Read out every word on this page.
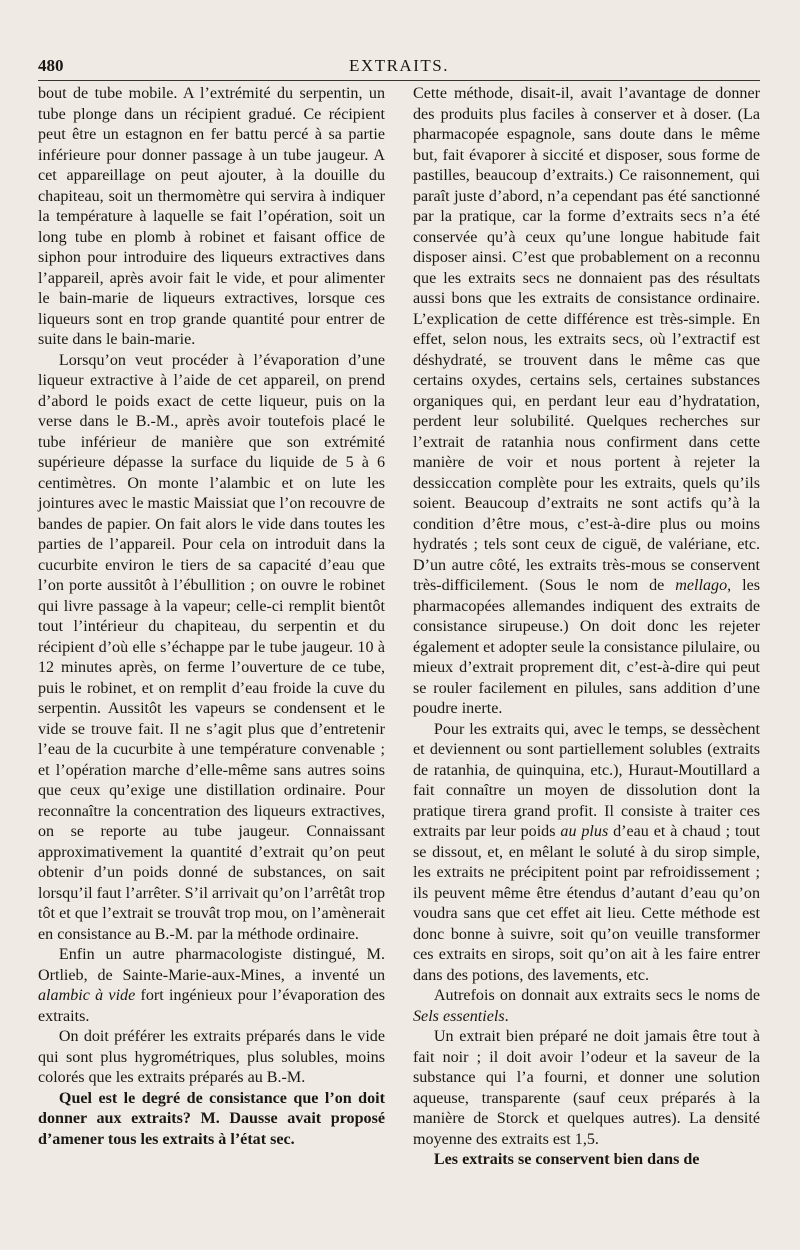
480	EXTRAITS.

bout de tube mobile. A l’extrémité du serpentin, un tube plonge dans un récipient gradué. Ce récipient peut être un estagnon en fer battu percé à sa partie inférieure pour donner passage à un tube jaugeur. A cet appareillage on peut ajouter, à la douille du chapiteau, soit un thermomètre qui servira à indiquer la température à laquelle se fait l’opération, soit un long tube en plomb à robinet et faisant office de siphon pour introduire des liqueurs extractives dans l’appareil, après avoir fait le vide, et pour alimenter le bain-marie de liqueurs extractives, lorsque ces liqueurs sont en trop grande quantité pour entrer de suite dans le bain-marie.

Lorsqu’on veut procéder à l’évaporation d’une liqueur extractive à l’aide de cet appareil, on prend d’abord le poids exact de cette liqueur, puis on la verse dans le B.-M., après avoir toutefois placé le tube inférieur de manière que son extrémité supérieure dépasse la surface du liquide de 5 à 6 centimètres. On monte l’alambic et on lute les jointures avec le mastic Maissiat que l’on recouvre de bandes de papier. On fait alors le vide dans toutes les parties de l’appareil. Pour cela on introduit dans la cucurbite environ le tiers de sa capacité d’eau que l’on porte aussitôt à l’ébullition ; on ouvre le robinet qui livre passage à la vapeur; celle-ci remplit bientôt tout l’intérieur du chapiteau, du serpentin et du récipient d’où elle s’échappe par le tube jaugeur. 10 à 12 minutes après, on ferme l’ouverture de ce tube, puis le robinet, et on remplit d’eau froide la cuve du serpentin. Aussitôt les vapeurs se condensent et le vide se trouve fait. Il ne s’agit plus que d’entretenir l’eau de la cucurbite à une température convenable ; et l’opération marche d’elle-même sans autres soins que ceux qu’exige une distillation ordinaire. Pour reconnaître la concentration des liqueurs extractives, on se reporte au tube jaugeur. Connaissant approximativement la quantité d’extrait qu’on peut obtenir d’un poids donné de substances, on sait lorsqu’il faut l’arrêter. S’il arrivait qu’on l’arrêtât trop tôt et que l’extrait se trouvât trop mou, on l’amènerait en consistance au B.-M. par la méthode ordinaire.

Enfin un autre pharmacologiste distingué, M. Ortlieb, de Sainte-Marie-aux-Mines, a inventé un alambic à vide fort ingénieux pour l’évaporation des extraits.

On doit préférer les extraits préparés dans le vide qui sont plus hygrométriques, plus solubles, moins colorés que les extraits préparés au B.-M.

Quel est le degré de consistance que l’on doit donner aux extraits? M. Dausse avait proposé d’amener tous les extraits à l’état sec.

Cette méthode, disait-il, avait l’avantage de donner des produits plus faciles à conserver et à doser. (La pharmacopée espagnole, sans doute dans le même but, fait évaporer à siccité et disposer, sous forme de pastilles, beaucoup d’extraits.) Ce raisonnement, qui paraît juste d’abord, n’a cependant pas été sanctionné par la pratique, car la forme d’extraits secs n’a été conservée qu’à ceux qu’une longue habitude fait disposer ainsi. C’est que probablement on a reconnu que les extraits secs ne donnaient pas des résultats aussi bons que les extraits de consistance ordinaire. L’explication de cette différence est très-simple. En effet, selon nous, les extraits secs, où l’extractif est déshydraté, se trouvent dans le même cas que certains oxydes, certains sels, certaines substances organiques qui, en perdant leur eau d’hydratation, perdent leur solubilité. Quelques recherches sur l’extrait de ratanhia nous confirment dans cette manière de voir et nous portent à rejeter la dessiccation complète pour les extraits, quels qu’ils soient. Beaucoup d’extraits ne sont actifs qu’à la condition d’être mous, c’est-à-dire plus ou moins hydratés ; tels sont ceux de ciguë, de valériane, etc. D’un autre côté, les extraits très-mous se conservent très-difficilement. (Sous le nom de mellago, les pharmacopées allemandes indiquent des extraits de consistance sirupeuse.) On doit donc les rejeter également et adopter seule la consistance pilulaire, ou mieux d’extrait proprement dit, c’est-à-dire qui peut se rouler facilement en pilules, sans addition d’une poudre inerte.

Pour les extraits qui, avec le temps, se dessèchent et deviennent ou sont partiellement solubles (extraits de ratanhia, de quinquina, etc.), Huraut-Moutillard a fait connaître un moyen de dissolution dont la pratique tirera grand profit. Il consiste à traiter ces extraits par leur poids au plus d’eau et à chaud ; tout se dissout, et, en mêlant le soluté à du sirop simple, les extraits ne précipitent point par refroidissement ; ils peuvent même être étendus d’autant d’eau qu’on voudra sans que cet effet ait lieu. Cette méthode est donc bonne à suivre, soit qu’on veuille transformer ces extraits en sirops, soit qu’on ait à les faire entrer dans des potions, des lavements, etc.

Autrefois on donnait aux extraits secs le noms de Sels essentiels.

Un extrait bien préparé ne doit jamais être tout à fait noir ; il doit avoir l’odeur et la saveur de la substance qui l’a fourni, et donner une solution aqueuse, transparente (sauf ceux préparés à la manière de Storck et quelques autres). La densité moyenne des extraits est 1,5.

Les extraits se conservent bien dans de
